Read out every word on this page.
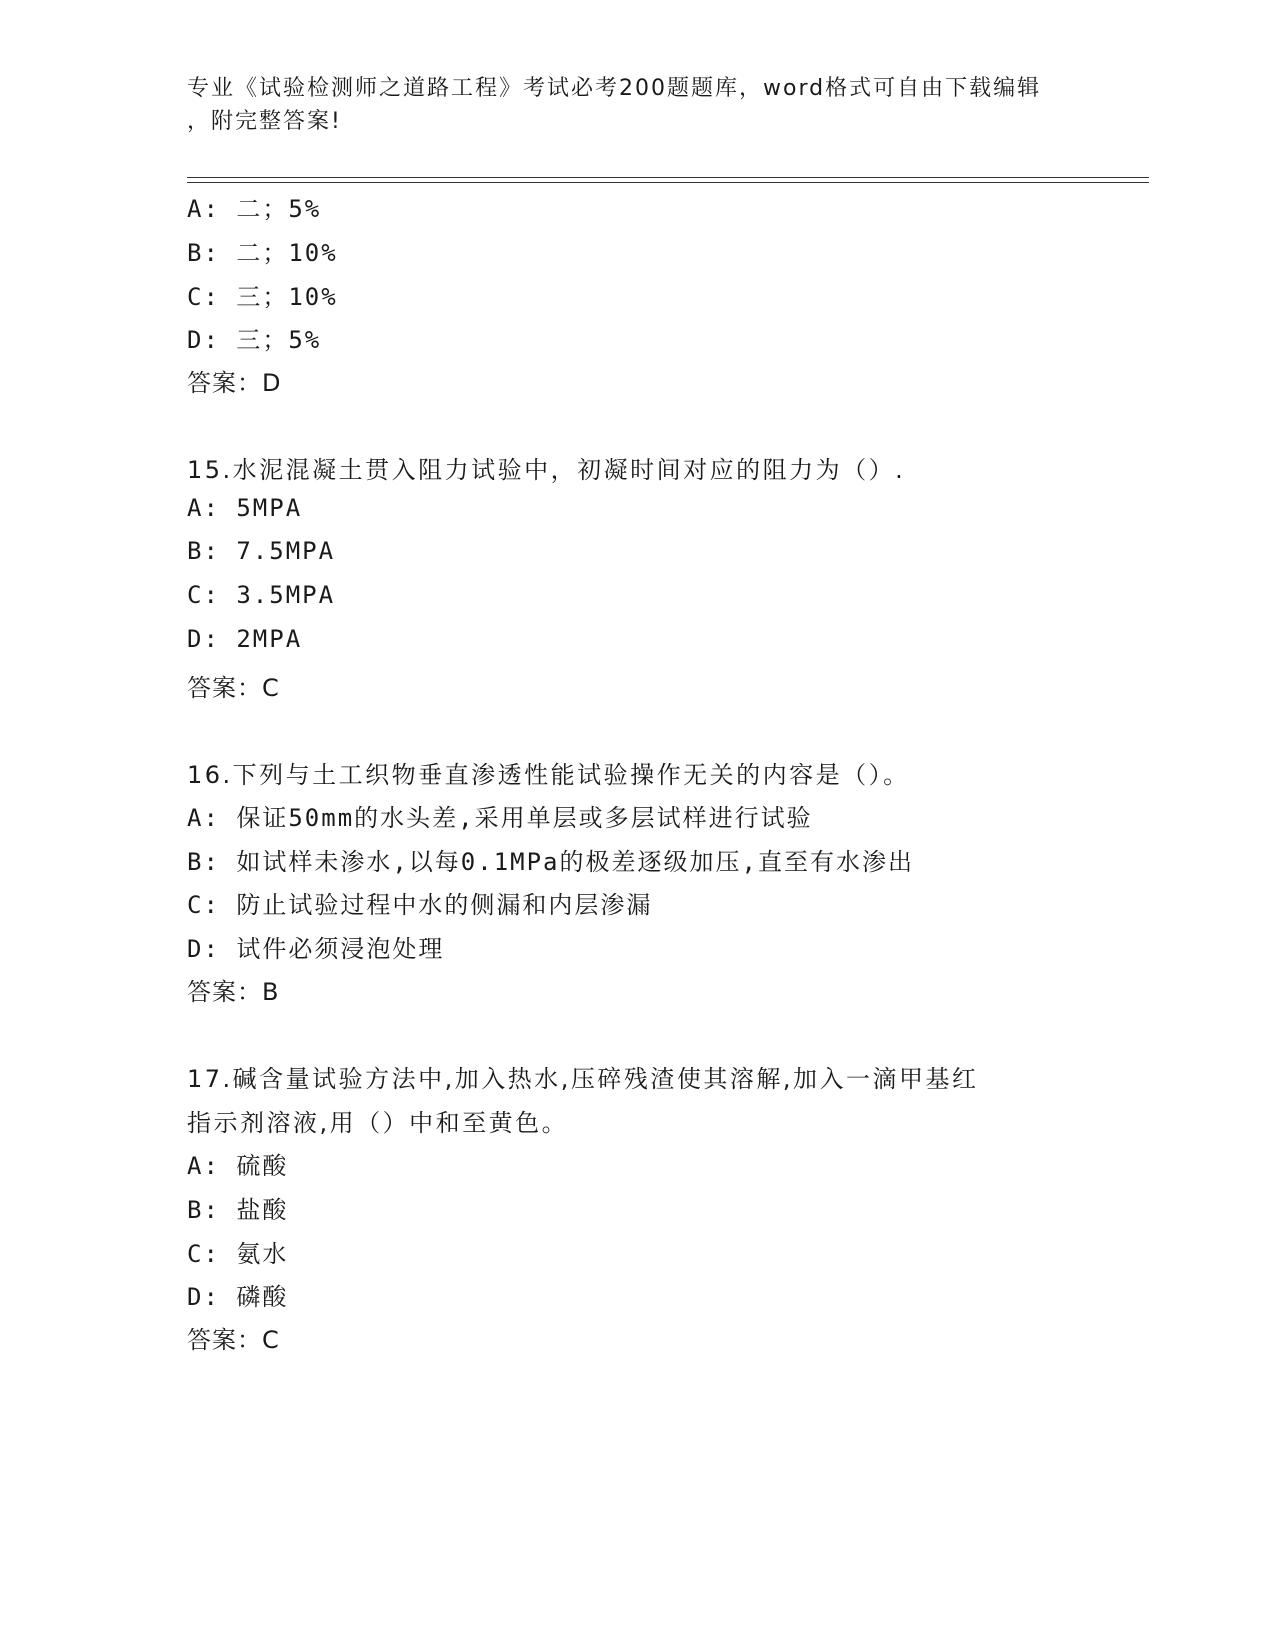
专业《试验检测师之道路工程》考试必考200题题库，word格式可自由下载编辑
，附完整答案!
A: 二；5%
B: 二；10%
C: 三；10%
D: 三；5%
答案：D
15.水泥混凝土贯入阻力试验中，初凝时间对应的阻力为（）.
A: 5MPA
B: 7.5MPA
C: 3.5MPA
D: 2MPA
答案：C
16.下列与土工织物垂直渗透性能试验操作无关的内容是（）。
A: 保证50mm的水头差,采用单层或多层试样进行试验
B: 如试样未渗水,以每0.1MPa的极差逐级加压,直至有水渗出
C: 防止试验过程中水的侧漏和内层渗漏
D: 试件必须浸泡处理
答案：B
17.碱含量试验方法中,加入热水,压碎残渣使其溶解,加入一滴甲基红
指示剂溶液,用（）中和至黄色。
A: 硫酸
B: 盐酸
C: 氨水
D: 磷酸
答案：C
